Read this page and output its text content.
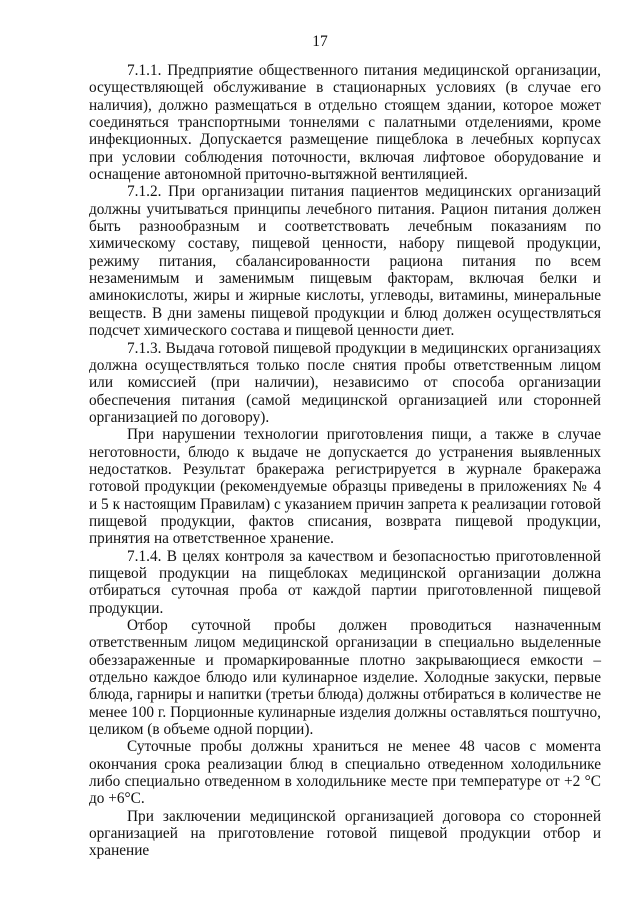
17

7.1.1. Предприятие общественного питания медицинской организации, осуществляющей обслуживание в стационарных условиях (в случае его наличия), должно размещаться в отдельно стоящем здании, которое может соединяться транспортными тоннелями с палатными отделениями, кроме инфекционных. Допускается размещение пищеблока в лечебных корпусах при условии соблюдения поточности, включая лифтовое оборудование и оснащение автономной приточно-вытяжной вентиляцией.

7.1.2. При организации питания пациентов медицинских организаций должны учитываться принципы лечебного питания. Рацион питания должен быть разнообразным и соответствовать лечебным показаниям по химическому составу, пищевой ценности, набору пищевой продукции, режиму питания, сбалансированности рациона питания по всем незаменимым и заменимым пищевым факторам, включая белки и аминокислоты, жиры и жирные кислоты, углеводы, витамины, минеральные веществ. В дни замены пищевой продукции и блюд должен осуществляться подсчет химического состава и пищевой ценности диет.

7.1.3. Выдача готовой пищевой продукции в медицинских организациях должна осуществляться только после снятия пробы ответственным лицом или комиссией (при наличии), независимо от способа организации обеспечения питания (самой медицинской организацией или сторонней организацией по договору).

При нарушении технологии приготовления пищи, а также в случае неготовности, блюдо к выдаче не допускается до устранения выявленных недостатков. Результат бракеража регистрируется в журнале бракеража готовой продукции (рекомендуемые образцы приведены в приложениях № 4 и 5 к настоящим Правилам) с указанием причин запрета к реализации готовой пищевой продукции, фактов списания, возврата пищевой продукции, принятия на ответственное хранение.

7.1.4. В целях контроля за качеством и безопасностью приготовленной пищевой продукции на пищеблоках медицинской организации должна отбираться суточная проба от каждой партии приготовленной пищевой продукции.

Отбор суточной пробы должен проводиться назначенным ответственным лицом медицинской организации в специально выделенные обеззараженные и промаркированные плотно закрывающиеся емкости – отдельно каждое блюдо или кулинарное изделие. Холодные закуски, первые блюда, гарниры и напитки (третьи блюда) должны отбираться в количестве не менее 100 г. Порционные кулинарные изделия должны оставляться поштучно, целиком (в объеме одной порции).

Суточные пробы должны храниться не менее 48 часов с момента окончания срока реализации блюд в специально отведенном холодильнике либо специально отведенном в холодильнике месте при температуре от +2 °С до +6°С.

При заключении медицинской организацией договора со сторонней организацией на приготовление готовой пищевой продукции отбор и хранение
